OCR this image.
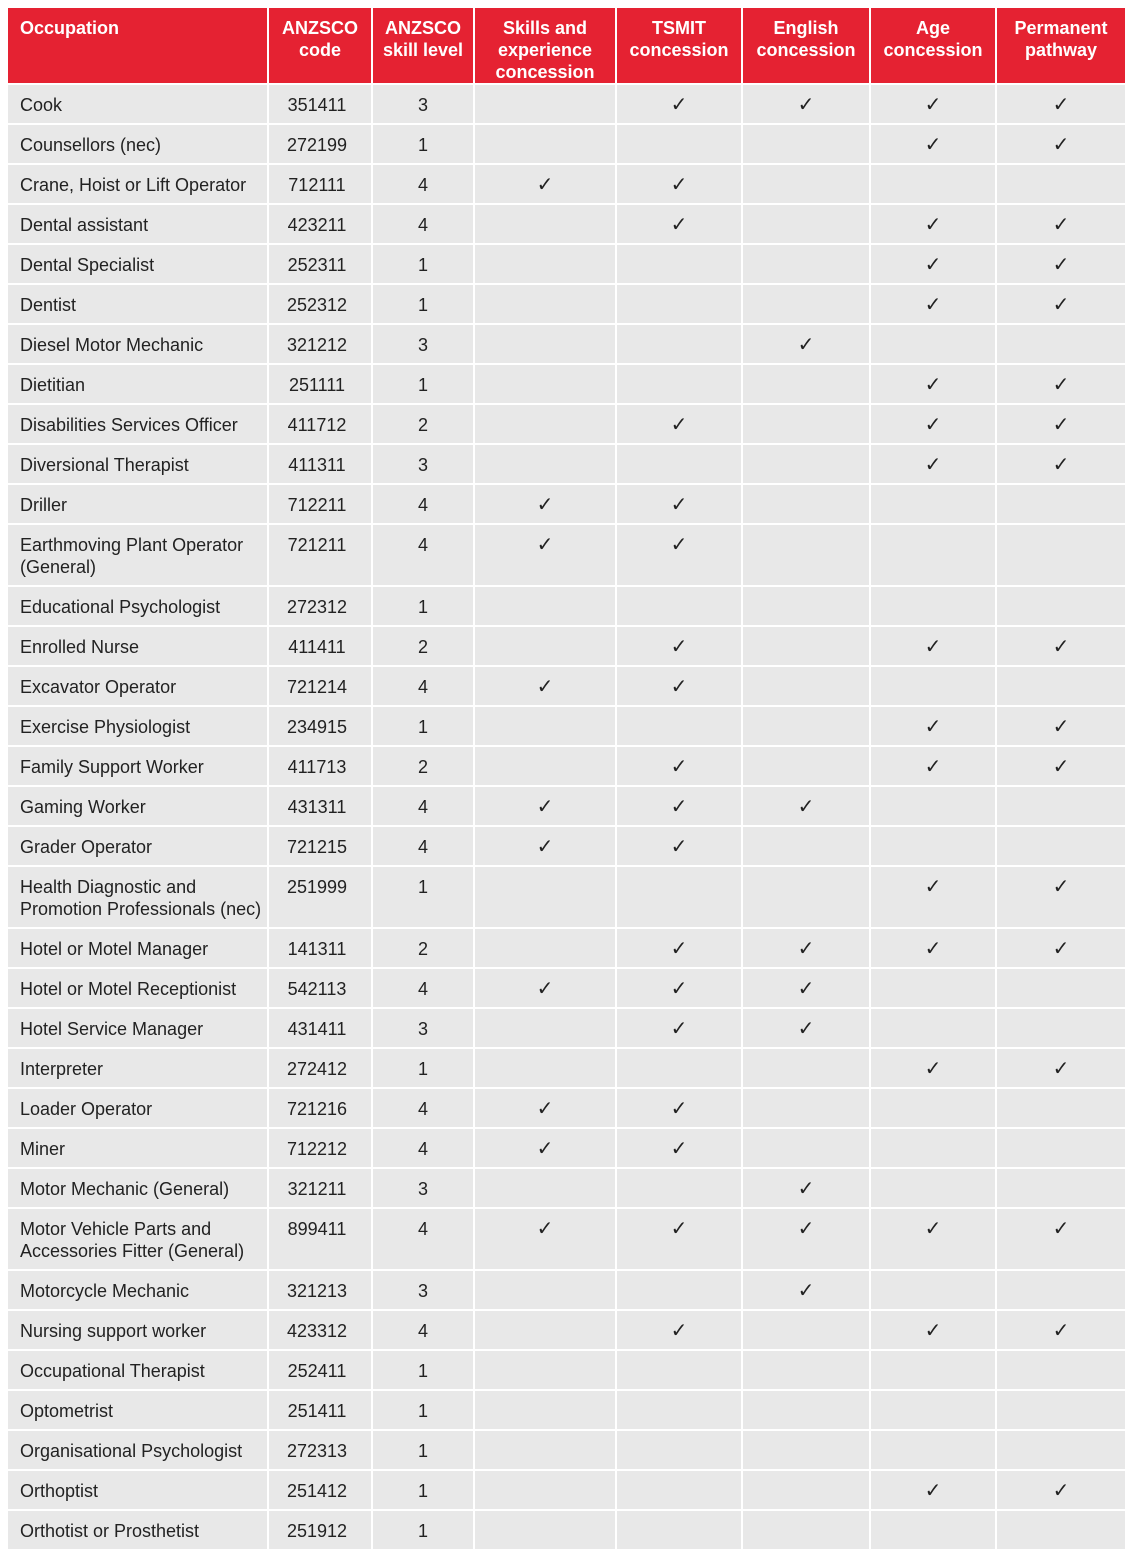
Occupation	ANZSCO code	ANZSCO skill level	Skills and experience concession	TSMIT concession	English concession	Age concession	Permanent pathway
Cook	351411	3		✓	✓	✓	✓
Counsellors (nec)	272199	1				✓	✓
Crane, Hoist or Lift Operator	712111	4	✓	✓			
Dental assistant	423211	4		✓		✓	✓
Dental Specialist	252311	1				✓	✓
Dentist	252312	1				✓	✓
Diesel Motor Mechanic	321212	3			✓		
Dietitian	251111	1				✓	✓
Disabilities Services Officer	411712	2		✓		✓	✓
Diversional Therapist	411311	3				✓	✓
Driller	712211	4	✓	✓			
Earthmoving Plant Operator (General)	721211	4	✓	✓			
Educational Psychologist	272312	1					
Enrolled Nurse	411411	2		✓		✓	✓
Excavator Operator	721214	4	✓	✓			
Exercise Physiologist	234915	1				✓	✓
Family Support Worker	411713	2		✓		✓	✓
Gaming Worker	431311	4	✓	✓	✓		
Grader Operator	721215	4	✓	✓			
Health Diagnostic and Promotion Professionals (nec)	251999	1				✓	✓
Hotel or Motel Manager	141311	2		✓	✓	✓	✓
Hotel or Motel Receptionist	542113	4	✓	✓	✓		
Hotel Service Manager	431411	3		✓	✓		
Interpreter	272412	1				✓	✓
Loader Operator	721216	4	✓	✓			
Miner	712212	4	✓	✓			
Motor Mechanic (General)	321211	3			✓		
Motor Vehicle Parts and Accessories Fitter (General)	899411	4	✓	✓	✓	✓	✓
Motorcycle Mechanic	321213	3			✓		
Nursing support worker	423312	4		✓		✓	✓
Occupational Therapist	252411	1					
Optometrist	251411	1					
Organisational Psychologist	272313	1					
Orthoptist	251412	1				✓	✓
Orthotist or Prosthetist	251912	1					
